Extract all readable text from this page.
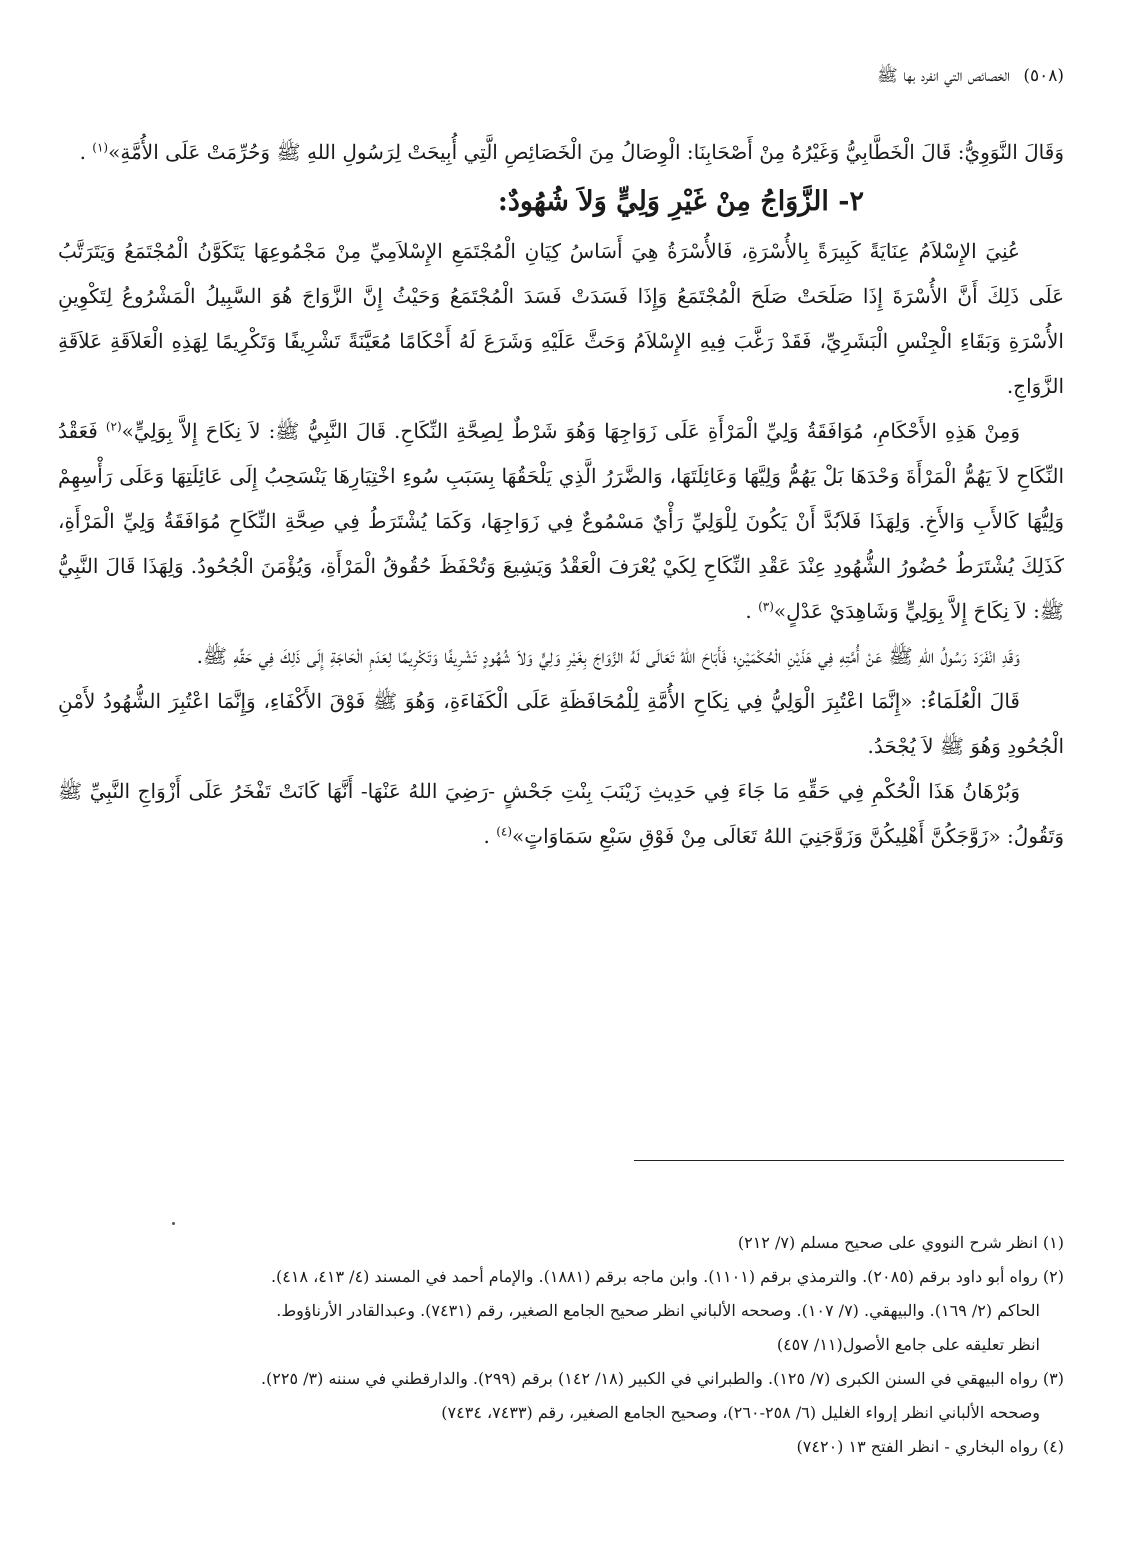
(٥٠٨) الخصائص التي انفرد بها ﷺ

وَقَالَ النَّوَوِيُّ: قَالَ الْخَطَّابِيُّ وَغَيْرُهُ مِنْ أَصْحَابِنَا: الْوِصَالُ مِنَ الْخَصَائِصِ الَّتِي أُبِيحَتْ لِرَسُولِ اللهِ ﷺ وَحُرِّمَتْ عَلَى الأُمَّةِ»$^{(١)}$ .

٢- الزَّوَاجُ مِنْ غَيْرِ وَلِيٍّ وَلاَ شُهُودٌ:

عُنِيَ الإِسْلاَمُ عِنَايَةً كَبِيرَةً بِالأُسْرَةِ، فَالأُسْرَةُ هِيَ أَسَاسُ كِيَانِ الْمُجْتَمَعِ الإِسْلاَمِيِّ مِنْ مَجْمُوعِهَا يَتَكَوَّنُ الْمُجْتَمَعُ وَيَتَرَتَّبُ عَلَى ذَلِكَ أَنَّ الأُسْرَةَ إِذَا صَلَحَتْ صَلَحَ الْمُجْتَمَعُ وَإِذَا فَسَدَتْ فَسَدَ الْمُجْتَمَعُ وَحَيْثُ إِنَّ الزَّوَاجَ هُوَ السَّبِيلُ الْمَشْرُوعُ لِتَكْوِينِ الأُسْرَةِ وَبَقَاءِ الْجِنْسِ الْبَشَرِيِّ، فَقَدْ رَغَّبَ فِيهِ الإِسْلاَمُ وَحَثَّ عَلَيْهِ وَشَرَعَ لَهُ أَحْكَامًا مُعَيَّنَةً تَشْرِيفًا وَتَكْرِيمًا لِهَذِهِ الْعَلاَقَةِ عَلاَقَةِ الزَّوَاجِ.

وَمِنْ هَذِهِ الأَحْكَامِ، مُوَافَقَةُ وَلِيِّ الْمَرْأَةِ عَلَى زَوَاجِهَا وَهُوَ شَرْطٌ لِصِحَّةِ النِّكَاحِ. قَالَ النَّبِيُّ ﷺ: لاَ نِكَاحَ إِلاَّ بِوَلِيٍّ»$^{(٢)}$ فَعَقْدُ النِّكَاحِ لاَ يَهُمُّ الْمَرْأَةَ وَحْدَهَا بَلْ يَهُمُّ وَلِيَّهَا وَعَائِلَتَهَا، وَالضَّرَرُ الَّذِي يَلْحَقُهَا بِسَبَبِ سُوءِ اخْتِيَارِهَا يَنْسَحِبُ إِلَى عَائِلَتِهَا وَعَلَى رَأْسِهِمْ وَلِيُّهَا كَالأَبِ وَالأَخِ. وَلِهَذَا فَلاَبُدَّ أَنْ يَكُونَ لِلْوَلِيِّ رَأْيٌ مَسْمُوعٌ فِي زَوَاجِهَا، وَكَمَا يُشْتَرَطُ فِي صِحَّةِ النِّكَاحِ مُوَافَقَةُ وَلِيِّ الْمَرْأَةِ، كَذَلِكَ يُشْتَرَطُ حُضُورُ الشُّهُودِ عِنْدَ عَقْدِ النِّكَاحِ لِكَيْ يُعْرَفَ الْعَقْدُ وَيَشِيعَ وَتُحْفَظَ حُقُوقُ الْمَرْأَةِ، وَيُؤْمَنَ الْجُحُودُ. وَلِهَذَا قَالَ النَّبِيُّ ﷺ: لاَ نِكَاحَ إِلاَّ بِوَلِيٍّ وَشَاهِدَيْ عَدْلٍ»$^{(٣)}$ .

وَقَدِ انْفَرَدَ رَسُولُ اللهِ ﷺ عَنْ أُمَّتِهِ فِي هَذَيْنِ الْحُكْمَيْنِ؛ فَأَبَاحَ اللهُ تَعَالَى لَهُ الزَّوَاجَ بِغَيْرِ وَلِيٍّ وَلاَ شُهُودٍ تَشْرِيفًا وَتَكْرِيمًا لِعَدَمِ الْحَاجَةِ إِلَى ذَلِكَ فِي حَقِّهِ ﷺ.

قَالَ الْعُلَمَاءُ: «إِنَّمَا اعْتُبِرَ الْوَلِيُّ فِي نِكَاحِ الأُمَّةِ لِلْمُحَافَظَةِ عَلَى الْكَفَاءَةِ، وَهُوَ ﷺ فَوْقَ الأَكْفَاءِ، وَإِنَّمَا اعْتُبِرَ الشُّهُودُ لأَمْنِ الْجُحُودِ وَهُوَ ﷺ لاَ يُجْحَدُ.

وَبُرْهَانُ هَذَا الْحُكْمِ فِي حَقِّهِ مَا جَاءَ فِي حَدِيثِ زَيْنَبَ بِنْتِ جَحْشٍ -رَضِيَ اللهُ عَنْهَا- أَنَّهَا كَانَتْ تَفْخَرُ عَلَى أَزْوَاجِ النَّبِيِّ ﷺ وَتَقُولُ: «زَوَّجَكُنَّ أَهْلِيكُنَّ وَزَوَّجَنِيَ اللهُ تَعَالَى مِنْ فَوْقِ سَبْعِ سَمَاوَاتٍ»$^{(٤)}$ .

(١) انظر شرح النووي على صحيح مسلم (٧/ ٢١٢)

(٢) رواه أبو داود برقم (٢٠٨٥). والترمذي برقم (١١٠١). وابن ماجه برقم (١٨٨١). والإمام أحمد في المسند (٤/ ٤١٣، ٤١٨).
الحاكم (٢/ ١٦٩). والبيهقي. (٧/ ١٠٧). وصححه الألباني انظر صحيح الجامع الصغير، رقم (٧٤٣١). وعبدالقادر الأرناؤوط.
انظر تعليقه على جامع الأصول(١١/ ٤٥٧)

(٣) رواه البيهقي في السنن الكبرى (٧/ ١٢٥). والطبراني في الكبير (١٨/ ١٤٢) برقم (٢٩٩). والدارقطني في سننه (٣/ ٢٢٥).
وصححه الألباني انظر إرواء الغليل (٦/ ٢٥٨-٢٦٠)، وصحيح الجامع الصغير، رقم (٧٤٣٣، ٧٤٣٤)

(٤) رواه البخاري - انظر الفتح ١٣ (٧٤٢٠)
